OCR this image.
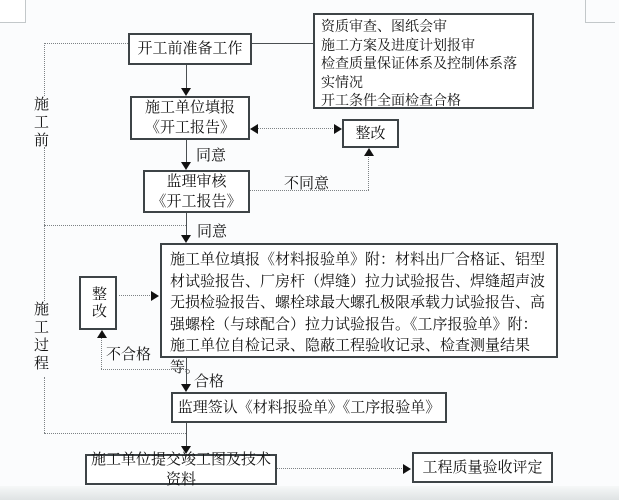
施工前
施工过程
开工前准备工作
资质审查、图纸会审
施工方案及进度计划报审
检查质量保证体系及控制体系落
实情况
开工条件全面检查合格
施工单位填报
《开工报告》	整改
同意
监理审核
《开工报告》
不同意
同意
施工单位填报《材料报验单》附：材料出厂合格证、铝型材试验报告、厂房杆（焊缝）拉力试验报告、焊缝超声波无损检验报告、螺栓球最大螺孔极限承载力试验报告、高强螺栓（与球配合）拉力试验报告。《工序报验单》附：施工单位自检记录、隐蔽工程验收记录、检查测量结果等。
整改
不合格
合格
监理签认《材料报验单》《工序报验单》
施工单位提交竣工图及技术资料
工程质量验收评定
